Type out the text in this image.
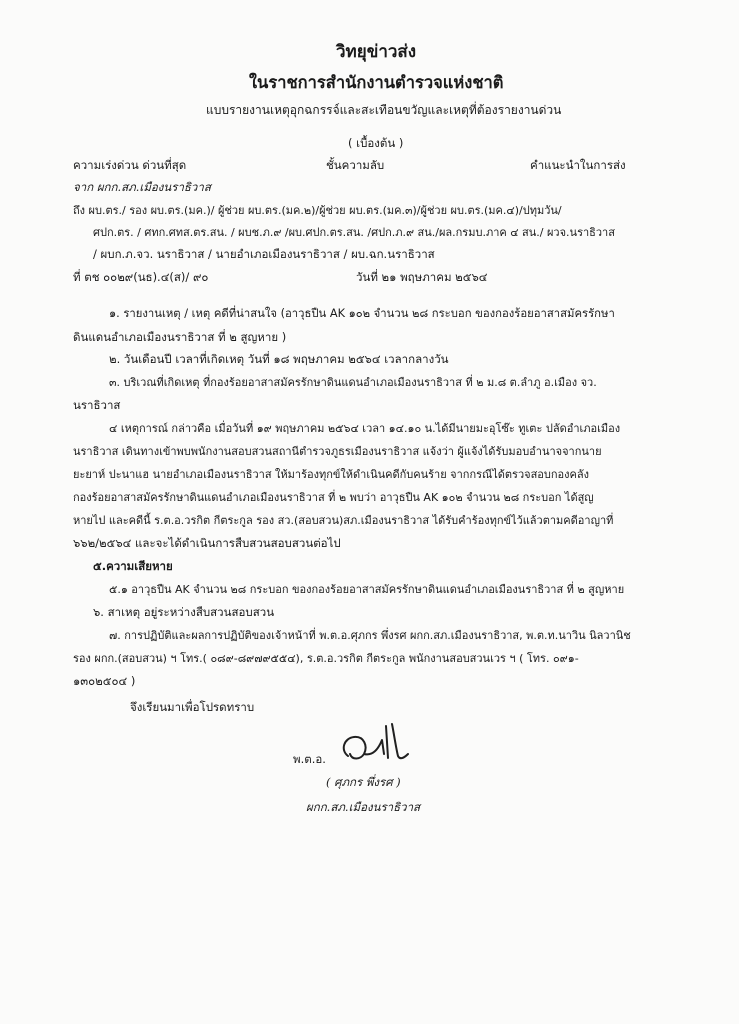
วิทยุข่าวส่ง
ในราชการสำนักงานตำรวจแห่งชาติ
แบบรายงานเหตุอุกฉกรรจ์และสะเทือนขวัญและเหตุที่ต้องรายงานด่วน
( เบื้องต้น )
ความเร่งด่วน ด่วนที่สุด	ชั้นความลับ	คำแนะนำในการส่ง
จาก ผกก.สภ.เมืองนราธิวาส
ถึง ผบ.ตร./ รอง ผบ.ตร.(มค.)/ ผู้ช่วย ผบ.ตร.(มค.๒)/ผู้ช่วย ผบ.ตร.(มค.๓)/ผู้ช่วย ผบ.ตร.(มค.๔)/ปทุมวัน/
ศปก.ตร. / ศทก.ศทส.ตร.สน. / ผบช.ภ.๙ /ผบ.ศปก.ตร.สน. /ศปก.ภ.๙ สน./ผล.กรมบ.ภาค ๔ สน./ ผวจ.นราธิวาส
/ ผบก.ภ.จว. นราธิวาส / นายอำเภอเมืองนราธิวาส / ผบ.ฉก.นราธิวาส
ที่ ตช ๐๐๒๙(นธ).๔(ส)/ ๙๐	วันที่ ๒๑ พฤษภาคม ๒๕๖๔
๑. รายงานเหตุ / เหตุ คดีที่น่าสนใจ (อาวุธปืน AK ๑๐๒ จำนวน ๒๘ กระบอก ของกองร้อยอาสาสมัครรักษา
ดินแดนอำเภอเมืองนราธิวาส ที่ ๒ สูญหาย )
๒. วันเดือนปี เวลาที่เกิดเหตุ วันที่ ๑๘ พฤษภาคม ๒๕๖๔ เวลากลางวัน
๓. บริเวณที่เกิดเหตุ ที่กองร้อยอาสาสมัครรักษาดินแดนอำเภอเมืองนราธิวาส ที่ ๒ ม.๘ ต.ลำภู อ.เมือง จว.
นราธิวาส
๔ เหตุการณ์ กล่าวคือ เมื่อวันที่ ๑๙ พฤษภาคม ๒๕๖๔ เวลา ๑๔.๑๐ น.ได้มีนายมะอุโซ๊ะ ทูเตะ ปลัดอำเภอเมือง
นราธิวาส เดินทางเข้าพบพนักงานสอบสวนสถานีตำรวจภูธรเมืองนราธิวาส แจ้งว่า ผู้แจ้งได้รับมอบอำนาจจากนาย
ยะยาห์ ปะนาแฮ นายอำเภอเมืองนราธิวาส ให้มาร้องทุกข์ให้ดำเนินคดีกับคนร้าย จากกรณีได้ตรวจสอบกองคลัง
กองร้อยอาสาสมัครรักษาดินแดนอำเภอเมืองนราธิวาส ที่ ๒ พบว่า อาวุธปืน AK ๑๐๒ จำนวน ๒๘ กระบอก ได้สูญ
หายไป และคดีนี้ ร.ต.อ.วรกิต กีตระกูล รอง สว.(สอบสวน)สภ.เมืองนราธิวาส ได้รับคำร้องทุกข์ไว้แล้วตามคดีอาญาที่
๖๖๒/๒๕๖๔ และจะได้ดำเนินการสืบสวนสอบสวนต่อไป
๕.ความเสียหาย
๕.๑ อาวุธปืน AK จำนวน ๒๘ กระบอก ของกองร้อยอาสาสมัครรักษาดินแดนอำเภอเมืองนราธิวาส ที่ ๒ สูญหาย
๖. สาเหตุ อยู่ระหว่างสืบสวนสอบสวน
๗. การปฏิบัติและผลการปฏิบัติของเจ้าหน้าที่ พ.ต.อ.ศุภกร พึ่งรศ ผกก.สภ.เมืองนราธิวาส, พ.ต.ท.นาวิน นิลวานิช
รอง ผกก.(สอบสวน) ฯ โทร.( ๐๘๙-๘๙๗๙๕๕๔), ร.ต.อ.วรกิต กีตระกูล พนักงานสอบสวนเวร ฯ ( โทร. ๐๙๑-
๑๓๐๒๕๐๔ )
จึงเรียนมาเพื่อโปรดทราบ
พ.ต.อ.
( ศุภกร พึ่งรศ )
ผกก.สภ.เมืองนราธิวาส
